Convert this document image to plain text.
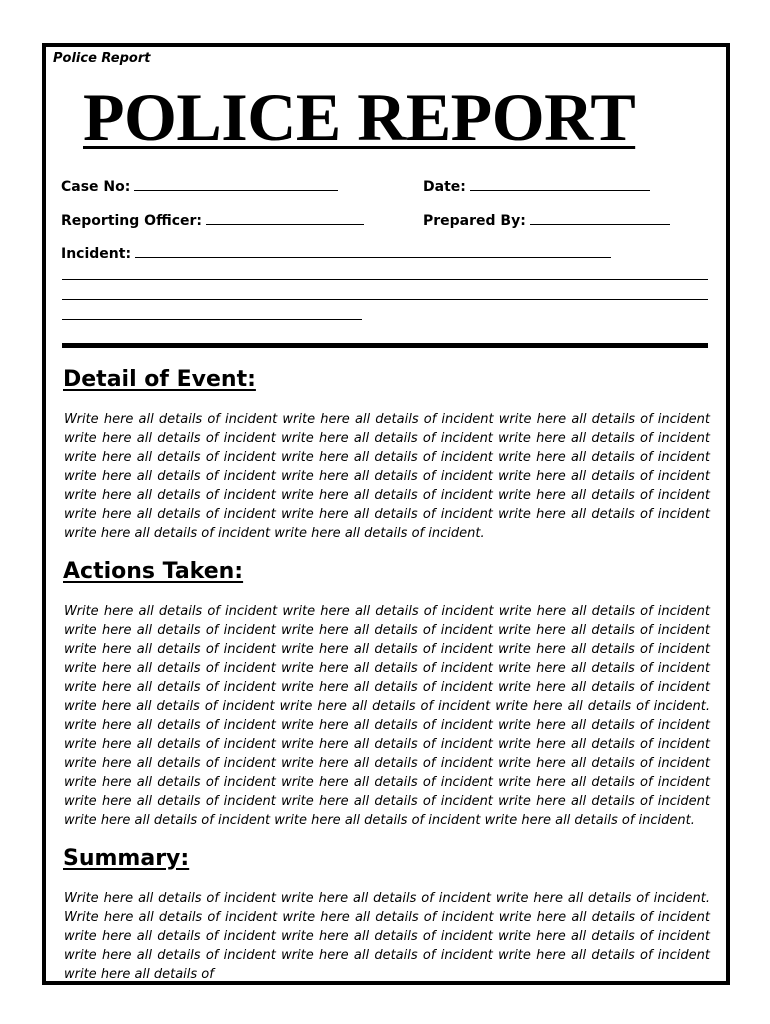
Police Report
POLICE REPORT
Case No:	Date:
Reporting Officer:	Prepared By:
Incident:
Detail of Event:
Write here all details of incident write here all details of incident write here all details of incident write here all details of incident write here all details of incident write here all details of incident write here all details of incident write here all details of incident write here all details of incident write here all details of incident write here all details of incident write here all details of incident write here all details of incident write here all details of incident write here all details of incident write here all details of incident write here all details of incident write here all details of incident write here all details of incident write here all details of incident.
Actions Taken:
Write here all details of incident write here all details of incident write here all details of incident write here all details of incident write here all details of incident write here all details of incident write here all details of incident write here all details of incident write here all details of incident write here all details of incident write here all details of incident write here all details of incident write here all details of incident write here all details of incident write here all details of incident write here all details of incident write here all details of incident write here all details of incident. write here all details of incident write here all details of incident write here all details of incident write here all details of incident write here all details of incident write here all details of incident write here all details of incident write here all details of incident write here all details of incident write here all details of incident write here all details of incident write here all details of incident write here all details of incident write here all details of incident write here all details of incident write here all details of incident write here all details of incident write here all details of incident.
Summary:
Write here all details of incident write here all details of incident write here all details of incident. Write here all details of incident write here all details of incident write here all details of incident write here all details of incident write here all details of incident write here all details of incident write here all details of incident write here all details of incident write here all details of incident write here all details of
